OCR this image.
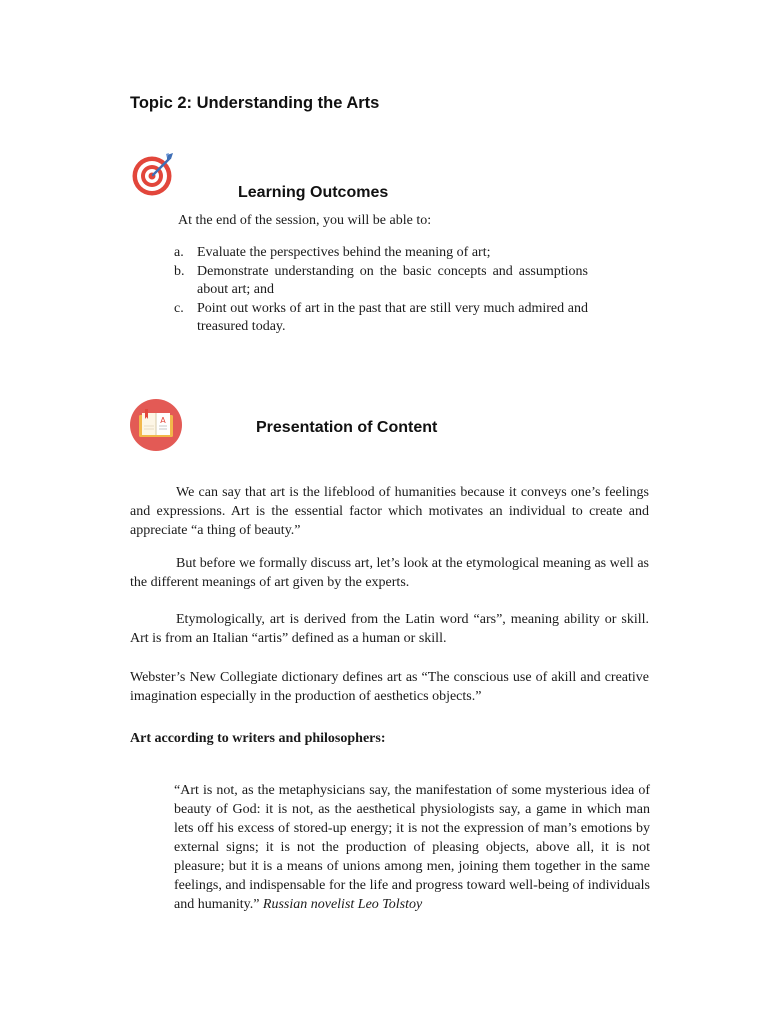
Topic 2: Understanding the Arts
Learning Outcomes
At the end of the session, you will be able to:
a. Evaluate the perspectives behind the meaning of art;
b. Demonstrate understanding on the basic concepts and assumptions about art; and
c. Point out works of art in the past that are still very much admired and treasured today.
A	Presentation of Content

We can say that art is the lifeblood of humanities because it conveys one’s feelings and expressions. Art is the essential factor which motivates an individual to create and appreciate “a thing of beauty.”

But before we formally discuss art, let’s look at the etymological meaning as well as the different meanings of art given by the experts.

Etymologically, art is derived from the Latin word “ars”, meaning ability or skill. Art is from an Italian “artis” defined as a human or skill.

Webster’s New Collegiate dictionary defines art as “The conscious use of akill and creative imagination especially in the production of aesthetics objects.”

Art according to writers and philosophers:

“Art is not, as the metaphysicians say, the manifestation of some mysterious idea of beauty of God: it is not, as the aesthetical physiologists say, a game in which man lets off his excess of stored-up energy; it is not the expression of man’s emotions by external signs; it is not the production of pleasing objects, above all, it is not pleasure; but it is a means of unions among men, joining them together in the same feelings, and indispensable for the life and progress toward well-being of individuals and humanity.” Russian novelist Leo Tolstoy
